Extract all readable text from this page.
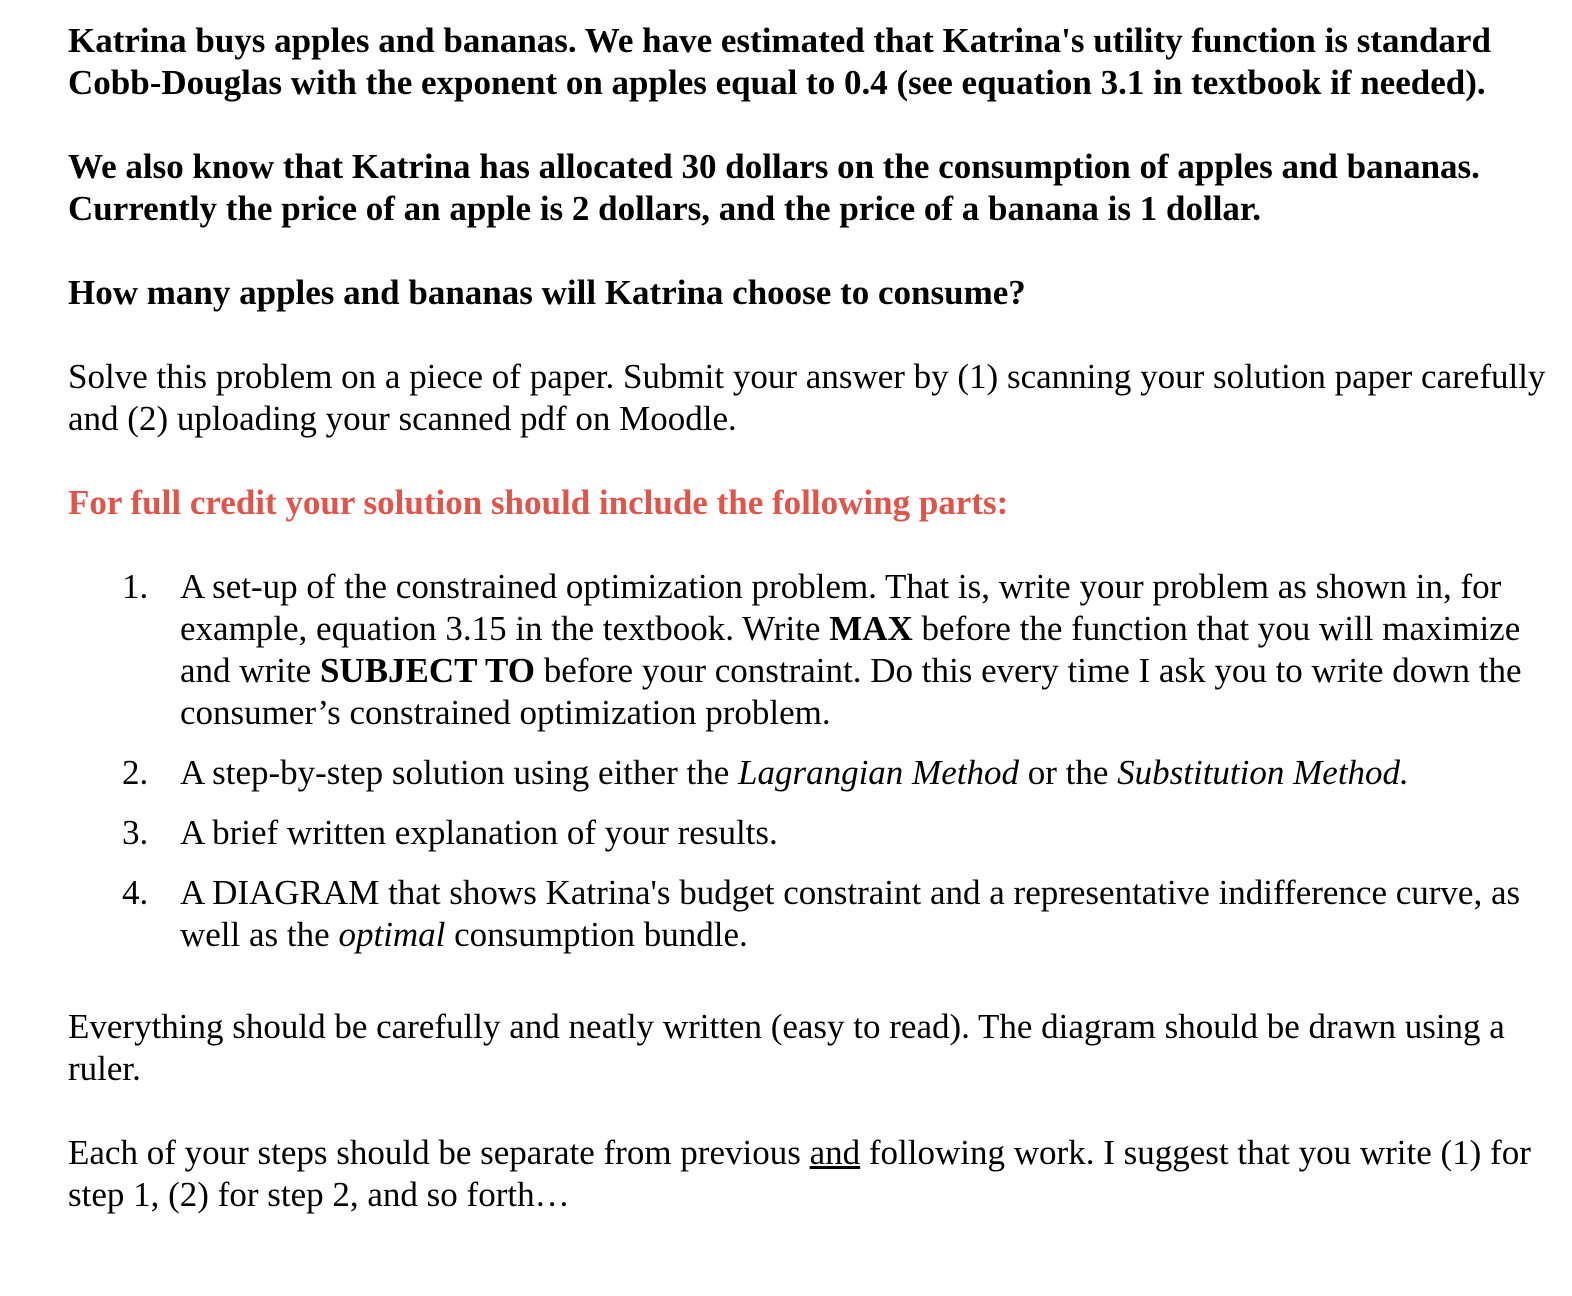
Katrina buys apples and bananas. We have estimated that Katrina's utility function is standard Cobb-Douglas with the exponent on apples equal to 0.4 (see equation 3.1 in textbook if needed).

We also know that Katrina has allocated 30 dollars on the consumption of apples and bananas. Currently the price of an apple is 2 dollars, and the price of a banana is 1 dollar.

How many apples and bananas will Katrina choose to consume?

Solve this problem on a piece of paper. Submit your answer by (1) scanning your solution paper carefully and (2) uploading your scanned pdf on Moodle.

For full credit your solution should include the following parts:

1. A set-up of the constrained optimization problem. That is, write your problem as shown in, for example, equation 3.15 in the textbook. Write MAX before the function that you will maximize and write SUBJECT TO before your constraint. Do this every time I ask you to write down the consumer’s constrained optimization problem.
2. A step-by-step solution using either the Lagrangian Method or the Substitution Method.
3. A brief written explanation of your results.
4. A DIAGRAM that shows Katrina's budget constraint and a representative indifference curve, as well as the optimal consumption bundle.

Everything should be carefully and neatly written (easy to read). The diagram should be drawn using a ruler.

Each of your steps should be separate from previous and following work. I suggest that you write (1) for step 1, (2) for step 2, and so forth…
